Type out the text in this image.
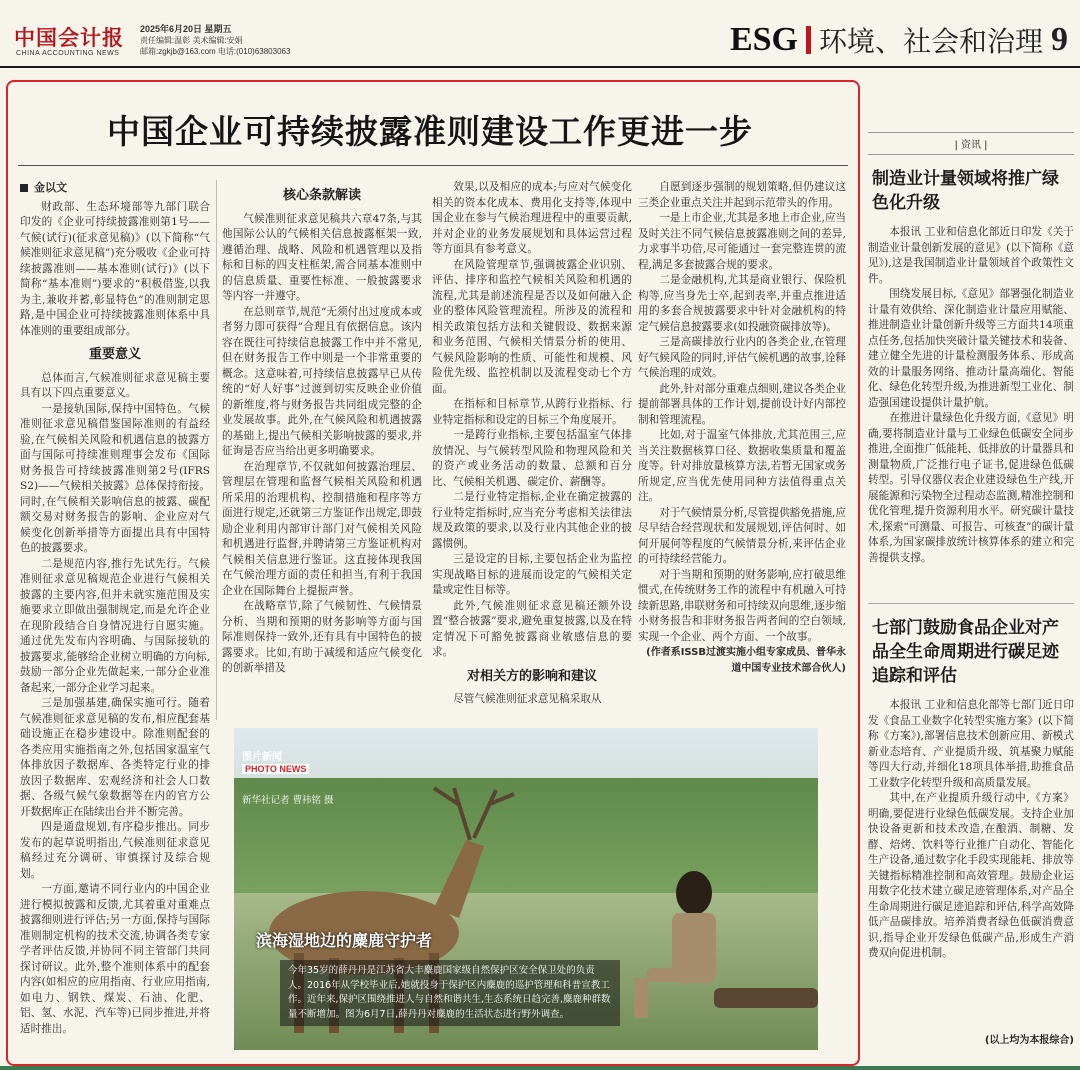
中国会计报
CHINA ACCOUNTING NEWS
2025年6月20日 星期五
责任编辑:温彰 美术编辑:安娟
邮箱:zgkjb@163.com 电话:(010)63803063	ESG 环境、社会和治理 9
中国企业可持续披露准则建设工作更进一步
金以文

财政部、生态环境部等九部门联合印发的《企业可持续披露准则第1号——气候(试行)(征求意见稿)》(以下简称“气候准则征求意见稿”)充分吸收《企业可持续披露准则——基本准则(试行)》(以下简称“基本准则”)要求的“积极借鉴,以我为主,兼收并蓄,彰显特色”的准则制定思路,是中国企业可持续披露准则体系中具体准则的重要组成部分。

重要意义

总体而言,气候准则征求意见稿主要具有以下四点重要意义。

一是接轨国际,保持中国特色。气候准则征求意见稿借鉴国际准则的有益经验,在气候相关风险和机遇信息的披露方面与国际可持续准则理事会发布《国际财务报告可持续披露准则第2号(IFRS S2)——气候相关披露》总体保持衔接。同时,在气候相关影响信息的披露、碳配额交易对财务报告的影响、企业应对气候变化创新举措等方面提出具有中国特色的披露要求。

二是规范内容,推行先试先行。气候准则征求意见稿规范企业进行气候相关披露的主要内容,但并未就实施范围及实施要求立即做出强制规定,而是允许企业在现阶段结合自身情况进行自愿实施。通过优先发布内容明确、与国际接轨的披露要求,能够给企业树立明确的方向标,鼓励一部分企业先做起来,一部分企业准备起来,一部分企业学习起来。

三是加强基建,确保实施可行。随着气候准则征求意见稿的发布,相应配套基础设施正在稳步建设中。除准则配套的各类应用实施指南之外,包括国家温室气体排放因子数据库、各类特定行业的排放因子数据库、宏观经济和社会人口数据、各级气候气象数据等在内的官方公开数据库正在陆续出台并不断完善。

四是通盘规划,有序稳步推出。同步发布的起草说明指出,气候准则征求意见稿经过充分调研、审慎探讨及综合规划。

一方面,邀请不同行业内的中国企业进行模拟披露和反馈,尤其着重对重难点披露细则进行评估;另一方面,保持与国际准则制定机构的技术交流,协调各类专家学者评估反馈,并协同不同主管部门共同探讨研议。此外,整个准则体系中的配套内容(如相应的应用指南、行业应用指南,如电力、钢铁、煤炭、石油、化肥、铝、氢、水泥、汽车等)已同步推进,并将适时推出。

核心条款解读

气候准则征求意见稿共六章47条,与其他国际公认的气候相关信息披露框架一致,遵循治理、战略、风险和机遇管理以及指标和目标的四支柱框架,需合同基本准则中的信息质量、重要性标准、一般披露要求等内容一并遵守。

在总则章节,规范“无须付出过度成本或者努力即可获得”合理且有依据信息。该内容在既往可持续信息披露工作中并不常见,但在财务报告工作中则是一个非常重要的概念。这意味着,可持续信息披露早已从传统的“好人好事”过渡到切实反映企业价值的新维度,将与财务报告共同组成完整的企业发展故事。此外,在气候风险和机遇披露的基础上,提出气候相关影响披露的要求,并征询是否应当给出更多明确要求。

在治理章节,不仅就如何披露治理层、管理层在管理和监督气候相关风险和机遇所采用的治理机构、控制措施和程序等方面进行规定,还就第三方鉴证作出规定,即鼓励企业利用内部审计部门对气候相关风险和机遇进行监督,并聘请第三方鉴证机构对气候相关信息进行鉴证。这直接体现我国在气候治理方面的责任和担当,有利于我国企业在国际舞台上提振声誉。

在战略章节,除了气候韧性、气候情景分析、当期和预期的财务影响等方面与国际准则保持一致外,还有具有中国特色的披露要求。比如,有助于减缓和适应气候变化的创新举措及

效果,以及相应的成本;与应对气候变化相关的资本化成本、费用化支持等,体现中国企业在参与气候治理进程中的重要贡献,并对企业的业务发展规划和具体运营过程等方面具有参考意义。

在风险管理章节,强调披露企业识别、评估、排序和监控气候相关风险和机遇的流程,尤其是前述流程是否以及如何融入企业的整体风险管理流程。所涉及的流程和相关政策包括方法和关键假设、数据来源和业务范围、气候相关情景分析的使用、气候风险影响的性质、可能性和规模、风险优先级、监控机制以及流程变动七个方面。

在指标和目标章节,从跨行业指标、行业特定指标和设定的目标三个角度展开。

一是跨行业指标,主要包括温室气体排放情况、与气候转型风险和物理风险和关的资产或业务活动的数量、总额和百分比、气候相关机遇、碳定价、薪酬等。

二是行业特定指标,企业在确定披露的行业特定指标时,应当充分考虑相关法律法规及政策的要求,以及行业内其他企业的披露惯例。

三是设定的目标,主要包括企业为监控实现战略目标的进展而设定的气候相关定量或定性目标等。

此外,气候准则征求意见稿还额外设置“整合披露”要求,避免重复披露,以及在特定情况下可豁免披露商业敏感信息的要求。

对相关方的影响和建议

尽管气候准则征求意见稿采取从

自愿到逐步强制的规划策略,但仍建议这三类企业重点关注并起到示范带头的作用。

一是上市企业,尤其是多地上市企业,应当及时关注不同气候信息披露准则之间的差异,力求事半功倍,尽可能通过一套完整连贯的流程,满足多套披露合规的要求。

二是金融机构,尤其是商业银行、保险机构等,应当身先士卒,起到表率,并重点推进适用的多套合规披露要求中针对金融机构的特定气候信息披露要求(如投融资碳排放等)。

三是高碳排放行业内的各类企业,在管理好气候风险的同时,评估气候机遇的故事,诠释气候治理的成效。

此外,针对部分重难点细则,建议各类企业提前部署具体的工作计划,提前设计好内部控制和管理流程。

比如,对于温室气体排放,尤其范围三,应当关注数据核算口径、数据收集质量和覆盖度等。针对排放量核算方法,若暂无国家或务所规定,应当优先使用同种方法值得重点关注。

对于气候情景分析,尽管提供豁免措施,应尽早结合经营现状和发展规划,评估何时、如何开展何等程度的气候情景分析,来评估企业的可持续经营能力。

对于当期和预期的财务影响,应打破思维惯式,在传统财务工作的流程中有机融入可持续新思路,串联财务和可持续双向思维,逐步缩小财务报告和非财务报告两者间的空白领域,实现一个企业、两个方面、一个故事。

(作者系ISSB过渡实施小组专家成员、普华永道中国专业技术部合伙人)

图片新闻
PHOTO NEWS
新华社记者 曹祎铭 摄
滨海湿地边的麋鹿守护者
今年35岁的薛丹丹是江苏省大丰麋鹿国家级自然保护区安全保卫处的负责人。2016年从学校毕业后,她就投身于保护区内麋鹿的巡护管理和科普宣教工作。近年来,保护区围绕推进人与自然和谐共生,生态系统日趋完善,麋鹿种群数量不断增加。图为6月7日,薛丹丹对麋鹿的生活状态进行野外调查。
| 资讯 |
制造业计量领域将推广绿色化升级

本报讯 工业和信息化部近日印发《关于制造业计量创新发展的意见》(以下简称《意见》),这是我国制造业计量领域首个政策性文件。

围绕发展目标,《意见》部署强化制造业计量有效供给、深化制造业计量应用赋能、推进制造业计量创新升级等三方面共14项重点任务,包括加快突破计量关键技术和装备、建立健全先进的计量检测服务体系、形成高效的计量服务网络、推动计量高端化、智能化、绿色化转型升级,为推进新型工业化、制造强国建设提供计量护航。

在推进计量绿色化升级方面,《意见》明确,要将制造业计量与工业绿色低碳安全同步推进,全面推广低能耗、低排放的计量器具和测量物质,广泛推行电子证书,促进绿色低碳转型。引导仪器仪表企业建设绿色生产线,开展能源和污染物全过程动态监测,精准控制和优化管理,提升资源利用水平。研究碳计量技术,探索“可测量、可报告、可核查”的碳计量体系,为国家碳排放统计核算体系的建立和完善提供支撑。

七部门鼓励食品企业对产品全生命周期进行碳足迹追踪和评估

本报讯 工业和信息化部等七部门近日印发《食品工业数字化转型实施方案》(以下简称《方案》),部署信息技术创新应用、新模式新业态培育、产业提质升级、筑基聚力赋能等四大行动,并细化18项具体举措,助推食品工业数字化转型升级和高质量发展。

其中,在产业提质升级行动中,《方案》明确,要促进行业绿色低碳发展。支持企业加快设备更新和技术改造,在酿酒、制糖、发酵、焙烤、饮料等行业推广自动化、智能化生产设备,通过数字化手段实现能耗、排放等关键指标精准控制和高效管理。鼓励企业运用数字化技术建立碳足迹管理体系,对产品全生命周期进行碳足迹追踪和评估,科学高效降低产品碳排放。培养消费者绿色低碳消费意识,指导企业开发绿色低碳产品,形成生产消费双向促进机制。

(以上均为本报综合)
